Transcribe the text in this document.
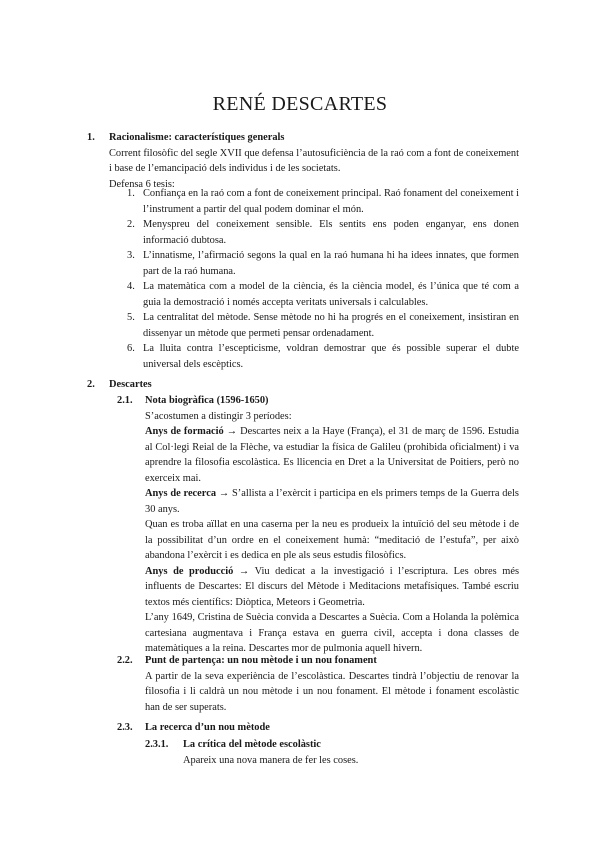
RENÉ DESCARTES
1. Racionalisme: característiques generals

Corrent filosòfic del segle XVII que defensa l’autosuficiència de la raó com a font de coneixement i base de l’emancipació dels individus i de les societats.

Defensa 6 tesis:

1. Confiança en la raó com a font de coneixement principal. Raó fonament del coneixement i l’instrument a partir del qual podem dominar el món.

2. Menyspreu del coneixement sensible. Els sentits ens poden enganyar, ens donen informació dubtosa.

3. L’innatisme, l’afirmació segons la qual en la raó humana hi ha idees innates, que formen part de la raó humana.

4. La matemàtica com a model de la ciència, és la ciència model, és l’única que té com a guia la demostració i només accepta veritats universals i calculables.

5. La centralitat del mètode. Sense mètode no hi ha progrés en el coneixement, insistiran en dissenyar un mètode que permeti pensar ordenadament.

6. La lluita contra l’escepticisme, voldran demostrar que és possible superar el dubte universal dels escèptics.

2. Descartes

2.1. Nota biogràfica (1596-1650)

S’acostumen a distingir 3 períodes:

Anys de formació → Descartes neix a la Haye (França), el 31 de març de 1596. Estudia al Col·legi Reial de la Flèche, va estudiar la física de Galileu (prohibida oficialment) i va aprendre la filosofia escolàstica. Es llicencia en Dret a la Universitat de Poitiers, però no exerceix mai.

Anys de recerca → S’allista a l’exèrcit i participa en els primers temps de la Guerra dels 30 anys.

Quan es troba aïllat en una caserna per la neu es produeix la intuïció del seu mètode i de la possibilitat d’un ordre en el coneixement humà: “meditació de l’estufa”, per això abandona l’exèrcit i es dedica en ple als seus estudis filosòfics.

Anys de producció → Viu dedicat a la investigació i l’escriptura. Les obres més influents de Descartes: El discurs del Mètode i Meditacions metafísiques. També escriu textos més científics: Diòptica, Meteors i Geometria.

L’any 1649, Cristina de Suècia convida a Descartes a Suècia. Com a Holanda la polèmica cartesiana augmentava i França estava en guerra civil, accepta i dona classes de matemàtiques a la reina. Descartes mor de pulmonia aquell hivern.

2.2. Punt de partença: un nou mètode i un nou fonament

A partir de la seva experiència de l’escolàstica. Descartes tindrà l’objectiu de renovar la filosofia i li caldrà un nou mètode i un nou fonament. El mètode i fonament escolàstic han de ser superats.

2.3. La recerca d’un nou mètode

2.3.1. La crítica del mètode escolàstic

Apareix una nova manera de fer les coses.
